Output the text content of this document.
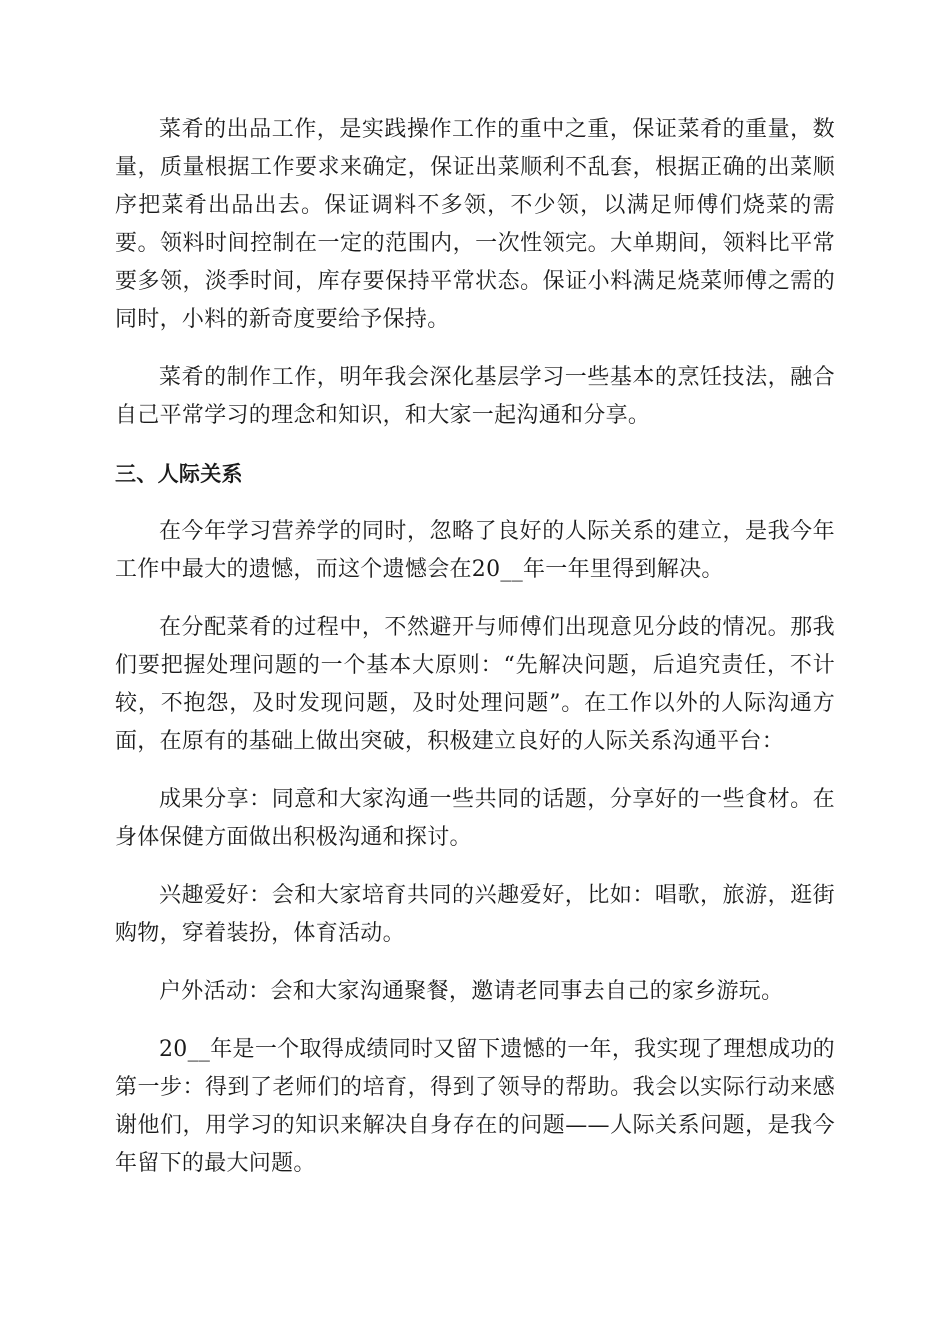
菜肴的出品工作，是实践操作工作的重中之重，保证菜肴的重量，数量，质量根据工作要求来确定，保证出菜顺利不乱套，根据正确的出菜顺序把菜肴出品出去。保证调料不多领，不少领，以满足师傅们烧菜的需要。领料时间控制在一定的范围内，一次性领完。大单期间，领料比平常要多领，淡季时间，库存要保持平常状态。保证小料满足烧菜师傅之需的同时，小料的新奇度要给予保持。

菜肴的制作工作，明年我会深化基层学习一些基本的烹饪技法，融合自己平常学习的理念和知识，和大家一起沟通和分享。

三、人际关系

在今年学习营养学的同时，忽略了良好的人际关系的建立，是我今年工作中最大的遗憾，而这个遗憾会在20__年一年里得到解决。

在分配菜肴的过程中，不然避开与师傅们出现意见分歧的情况。那我们要把握处理问题的一个基本大原则：“先解决问题，后追究责任，不计较，不抱怨，及时发现问题，及时处理问题”。在工作以外的人际沟通方面，在原有的基础上做出突破，积极建立良好的人际关系沟通平台：

成果分享：同意和大家沟通一些共同的话题，分享好的一些食材。在身体保健方面做出积极沟通和探讨。

兴趣爱好：会和大家培育共同的兴趣爱好，比如：唱歌，旅游，逛街购物，穿着装扮，体育活动。

户外活动：会和大家沟通聚餐，邀请老同事去自己的家乡游玩。

20__年是一个取得成绩同时又留下遗憾的一年，我实现了理想成功的第一步：得到了老师们的培育，得到了领导的帮助。我会以实际行动来感谢他们，用学习的知识来解决自身存在的问题——人际关系问题，是我今年留下的最大问题。
